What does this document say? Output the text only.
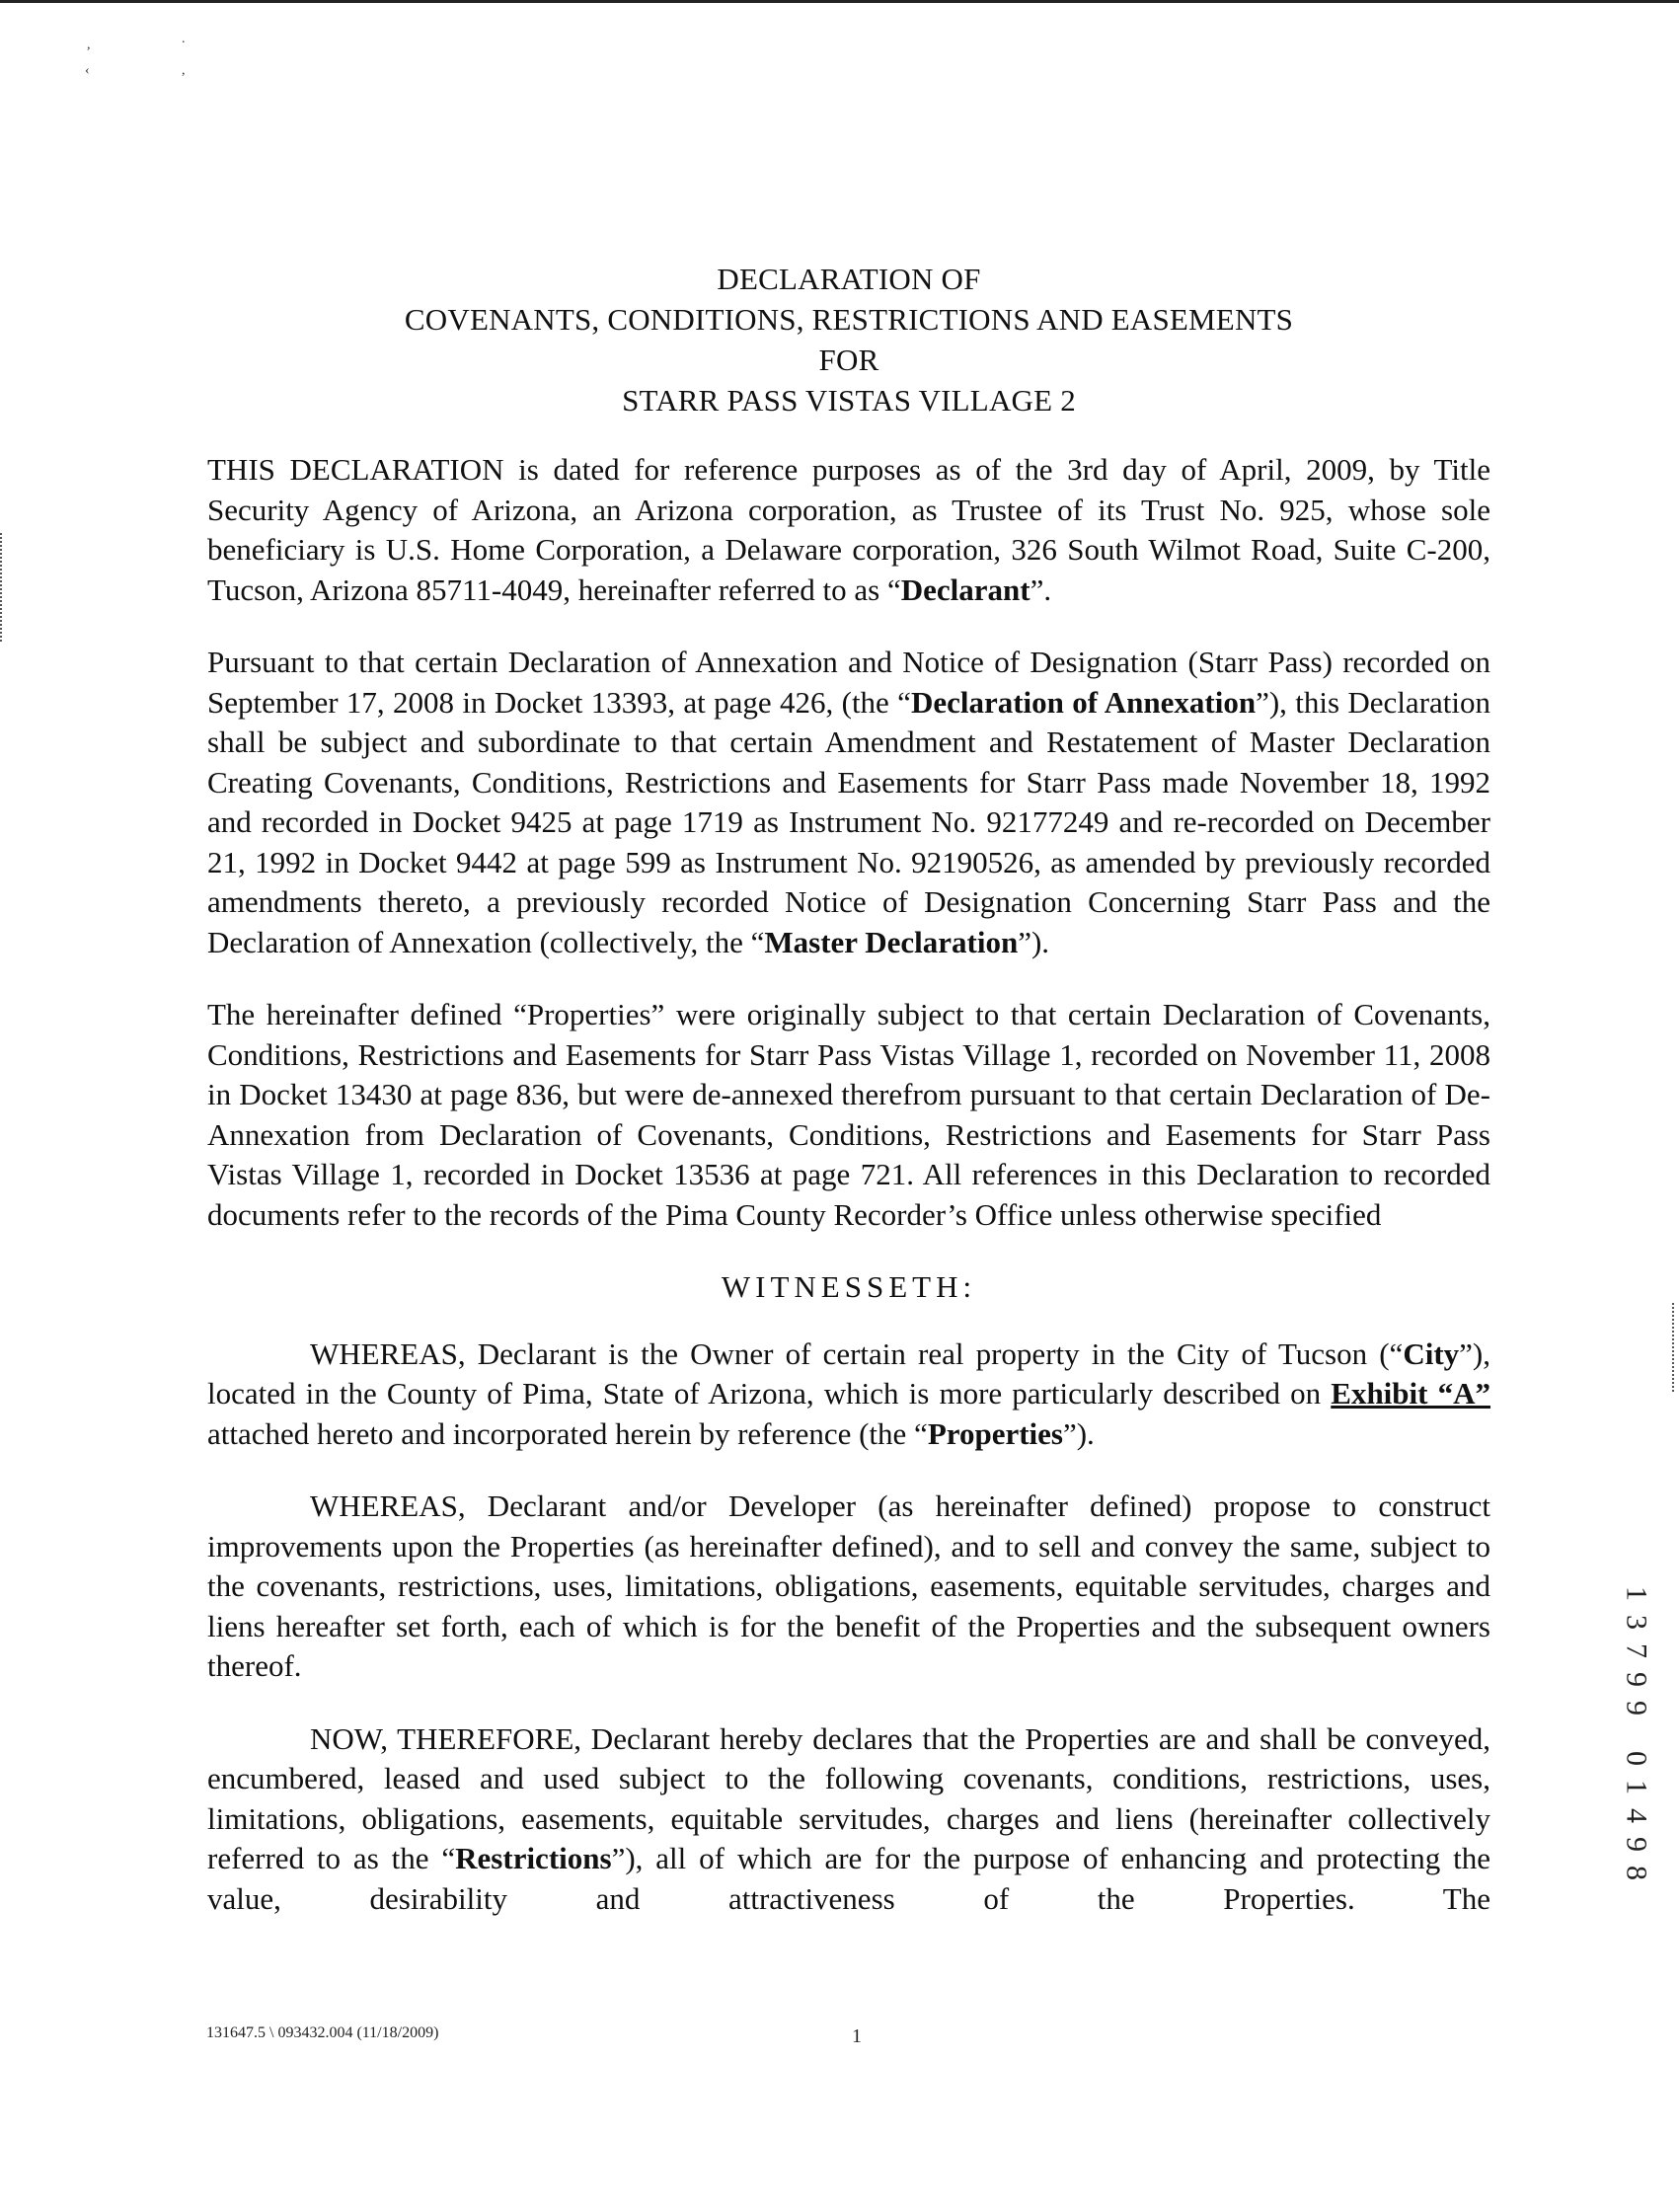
,	.
‹	,
DECLARATION OF
COVENANTS, CONDITIONS, RESTRICTIONS AND EASEMENTS
FOR
STARR PASS VISTAS VILLAGE 2

THIS DECLARATION is dated for reference purposes as of the 3rd day of April, 2009, by Title Security Agency of Arizona, an Arizona corporation, as Trustee of its Trust No. 925, whose sole beneficiary is U.S. Home Corporation, a Delaware corporation, 326 South Wilmot Road, Suite C-200, Tucson, Arizona 85711-4049, hereinafter referred to as “Declarant”.

Pursuant to that certain Declaration of Annexation and Notice of Designation (Starr Pass) recorded on September 17, 2008 in Docket 13393, at page 426, (the “Declaration of Annexation”), this Declaration shall be subject and subordinate to that certain Amendment and Restatement of Master Declaration Creating Covenants, Conditions, Restrictions and Easements for Starr Pass made November 18, 1992 and recorded in Docket 9425 at page 1719 as Instrument No. 92177249 and re-recorded on December 21, 1992 in Docket 9442 at page 599 as Instrument No. 92190526, as amended by previously recorded amendments thereto, a previously recorded Notice of Designation Concerning Starr Pass and the Declaration of Annexation (collectively, the “Master Declaration”).

The hereinafter defined “Properties” were originally subject to that certain Declaration of Covenants, Conditions, Restrictions and Easements for Starr Pass Vistas Village 1, recorded on November 11, 2008 in Docket 13430 at page 836, but were de-annexed therefrom pursuant to that certain Declaration of De-Annexation from Declaration of Covenants, Conditions, Restrictions and Easements for Starr Pass Vistas Village 1, recorded in Docket 13536 at page 721. All references in this Declaration to recorded documents refer to the records of the Pima County Recorder’s Office unless otherwise specified

WITNESSETH:

WHEREAS, Declarant is the Owner of certain real property in the City of Tucson (“City”), located in the County of Pima, State of Arizona, which is more particularly described on Exhibit “A” attached hereto and incorporated herein by reference (the “Properties”).

WHEREAS, Declarant and/or Developer (as hereinafter defined) propose to construct improvements upon the Properties (as hereinafter defined), and to sell and convey the same, subject to the covenants, restrictions, uses, limitations, obligations, easements, equitable servitudes, charges and liens hereafter set forth, each of which is for the benefit of the Properties and the subsequent owners thereof.

NOW, THEREFORE, Declarant hereby declares that the Properties are and shall be conveyed, encumbered, leased and used subject to the following covenants, conditions, restrictions, uses, limitations, obligations, easements, equitable servitudes, charges and liens (hereinafter collectively referred to as the “Restrictions”), all of which are for the purpose of enhancing and protecting the value, desirability and attractiveness of the Properties. The

1
3
7
9
9
0
1
4
9
8
131647.5 \ 093432.004 (11/18/2009)	1
